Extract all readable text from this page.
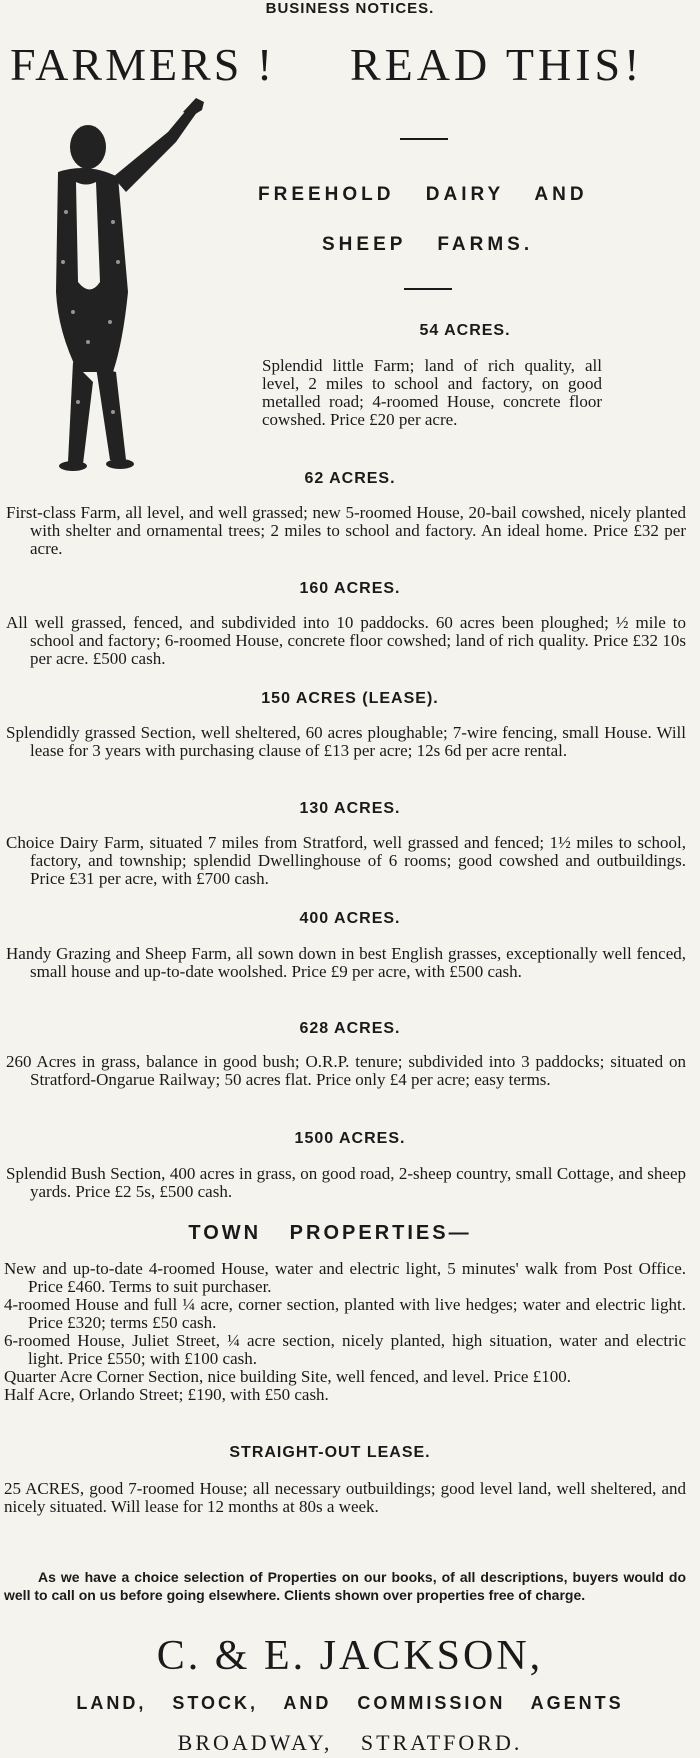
BUSINESS NOTICES.
FARMERS ! READ THIS!
FREEHOLD DAIRY AND
SHEEP FARMS.
54 ACRES.
Splendid little Farm; land of rich quality, all level, 2 miles to school and factory, on good metalled road; 4-roomed House, concrete floor cowshed. Price £20 per acre.
62 ACRES.
First-class Farm, all level, and well grassed; new 5-roomed House, 20-bail cowshed, nicely planted with shelter and ornamental trees; 2 miles to school and factory. An ideal home. Price £32 per acre.
160 ACRES.
All well grassed, fenced, and subdivided into 10 paddocks. 60 acres been ploughed; ½ mile to school and factory; 6-roomed House, concrete floor cowshed; land of rich quality. Price £32 10s per acre. £500 cash.
150 ACRES (LEASE).
Splendidly grassed Section, well sheltered, 60 acres ploughable; 7-wire fencing, small House. Will lease for 3 years with purchasing clause of £13 per acre; 12s 6d per acre rental.
130 ACRES.
Choice Dairy Farm, situated 7 miles from Stratford, well grassed and fenced; 1½ miles to school, factory, and township; splendid Dwellinghouse of 6 rooms; good cowshed and outbuildings. Price £31 per acre, with £700 cash.
400 ACRES.
Handy Grazing and Sheep Farm, all sown down in best English grasses, exceptionally well fenced, small house and up-to-date woolshed. Price £9 per acre, with £500 cash.
628 ACRES.
260 Acres in grass, balance in good bush; O.R.P. tenure; subdivided into 3 paddocks; situated on Stratford-Ongarue Railway; 50 acres flat. Price only £4 per acre; easy terms.
1500 ACRES.
Splendid Bush Section, 400 acres in grass, on good road, 2-sheep country, small Cottage, and sheep yards. Price £2 5s, £500 cash.
TOWN PROPERTIES—
New and up-to-date 4-roomed House, water and electric light, 5 minutes' walk from Post Office. Price £460. Terms to suit purchaser.
4-roomed House and full ¼ acre, corner section, planted with live hedges; water and electric light. Price £320; terms £50 cash.
6-roomed House, Juliet Street, ¼ acre section, nicely planted, high situation, water and electric light. Price £550; with £100 cash.
Quarter Acre Corner Section, nice building Site, well fenced, and level. Price £100.
Half Acre, Orlando Street; £190, with £50 cash.
STRAIGHT-OUT LEASE.
25 ACRES, good 7-roomed House; all necessary outbuildings; good level land, well sheltered, and nicely situated. Will lease for 12 months at 80s a week.
As we have a choice selection of Properties on our books, of all descriptions, buyers would do well to call on us before going elsewhere. Clients shown over properties free of charge.
C. & E. JACKSON,
LAND, STOCK, AND COMMISSION AGENTS
BROADWAY, STRATFORD.
